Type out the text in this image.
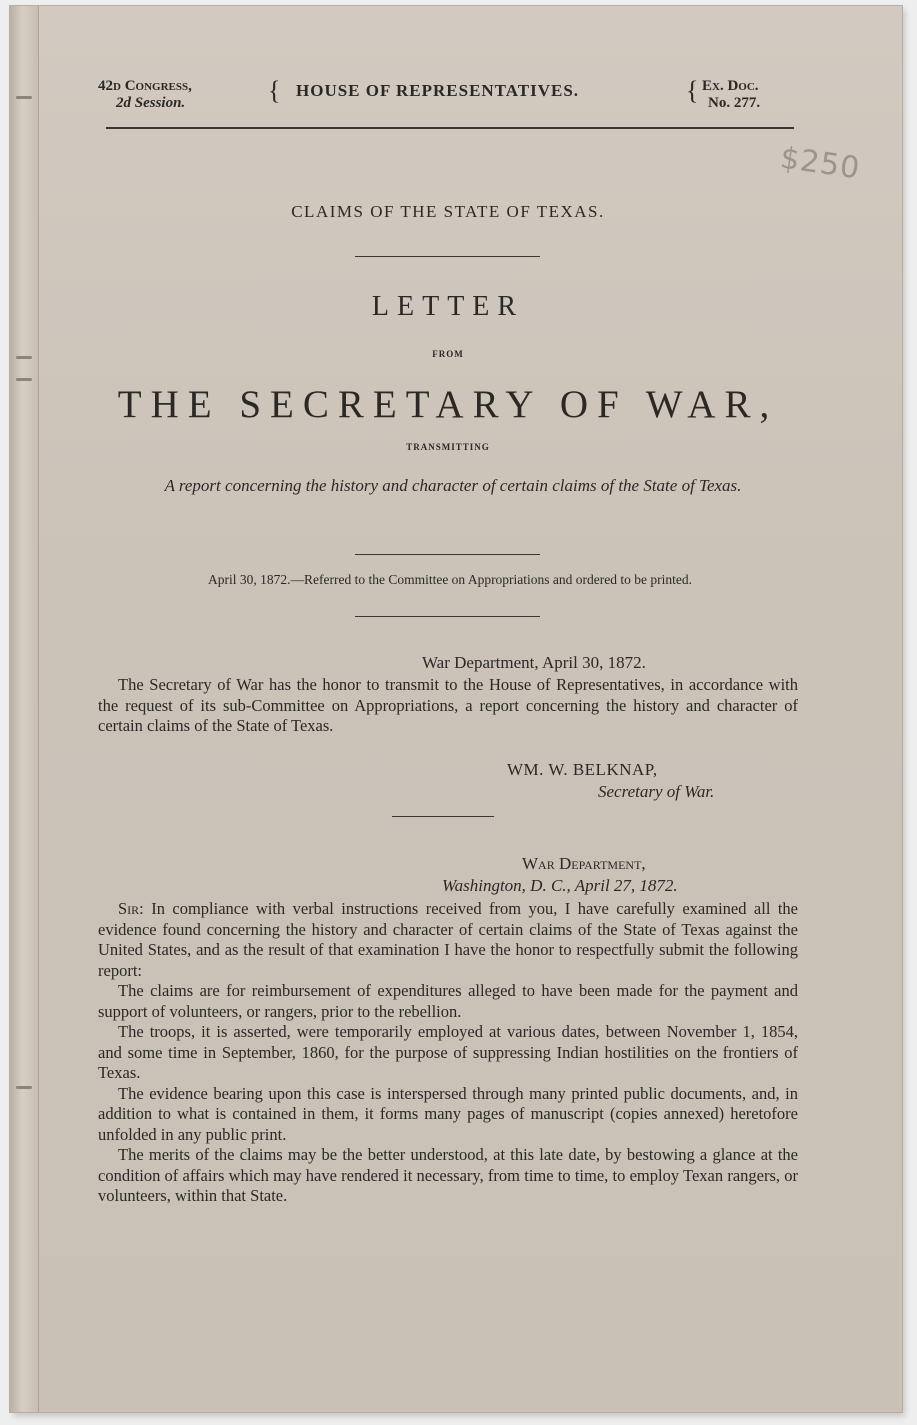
42d Congress,
2d Session.	{ HOUSE OF REPRESENTATIVES.	{ Ex. Doc.
No. 277.
$250
CLAIMS OF THE STATE OF TEXAS.
LETTER
FROM
THE SECRETARY OF WAR,
TRANSMITTING
A report concerning the history and character of certain claims of the State of Texas.
April 30, 1872.—Referred to the Committee on Appropriations and ordered to be printed.
War Department, April 30, 1872.

The Secretary of War has the honor to transmit to the House of Representatives, in accordance with the request of its sub-Committee on Appropriations, a report concerning the history and character of certain claims of the State of Texas.

WM. W. BELKNAP,
Secretary of War.
War Department,
Washington, D. C., April 27, 1872.

Sir: In compliance with verbal instructions received from you, I have carefully examined all the evidence found concerning the history and character of certain claims of the State of Texas against the United States, and as the result of that examination I have the honor to respectfully submit the following report:

The claims are for reimbursement of expenditures alleged to have been made for the payment and support of volunteers, or rangers, prior to the rebellion.

The troops, it is asserted, were temporarily employed at various dates, between November 1, 1854, and some time in September, 1860, for the purpose of suppressing Indian hostilities on the frontiers of Texas.

The evidence bearing upon this case is interspersed through many printed public documents, and, in addition to what is contained in them, it forms many pages of manuscript (copies annexed) heretofore unfolded in any public print.

The merits of the claims may be the better understood, at this late date, by bestowing a glance at the condition of affairs which may have rendered it necessary, from time to time, to employ Texan rangers, or volunteers, within that State.
